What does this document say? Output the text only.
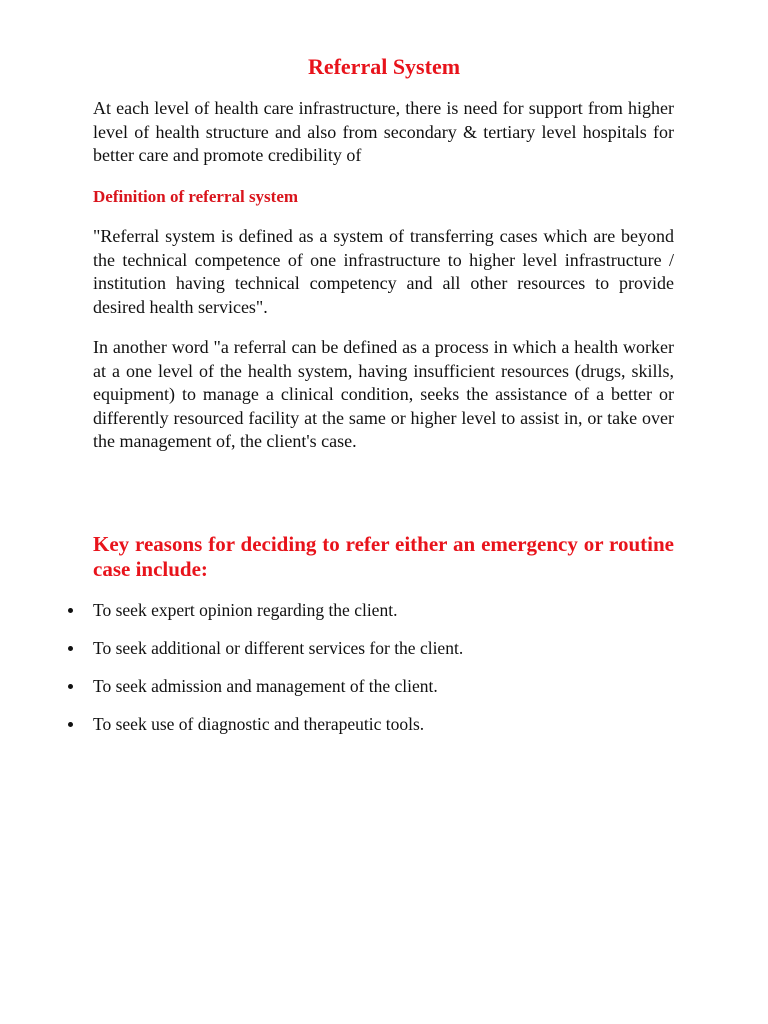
Referral System

At each level of health care infrastructure, there is need for support from higher level of health structure and also from secondary & tertiary level hospitals for better care and promote credibility of

Definition of referral system

"Referral system is defined as a system of transferring cases which are beyond the technical competence of one infrastructure to higher level infrastructure / institution having technical competency and all other resources to provide desired health services".

In another word "a referral can be defined as a process in which a health worker at a one level of the health system, having insufficient resources (drugs, skills, equipment) to manage a clinical condition, seeks the assistance of a better or differently resourced facility at the same or higher level to assist in, or take over the management of, the client's case.

Key reasons for deciding to refer either an emergency or routine case include:
To seek expert opinion regarding the client.
To seek additional or different services for the client.
To seek admission and management of the client.
To seek use of diagnostic and therapeutic tools.
